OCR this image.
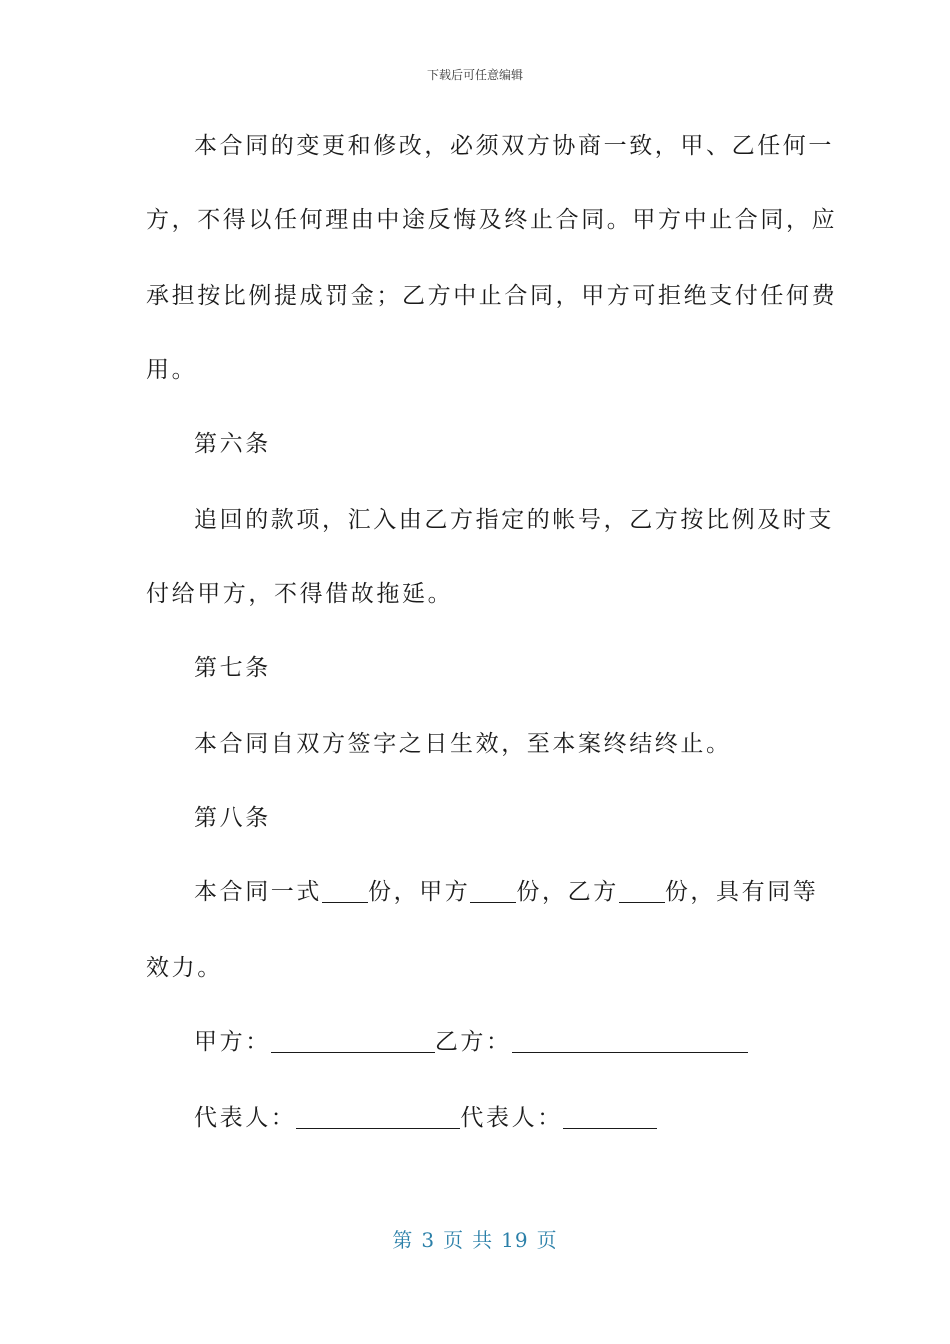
下载后可任意编辑
本合同的变更和修改，必须双方协商一致，甲、乙任何一
方，不得以任何理由中途反悔及终止合同。甲方中止合同，应
承担按比例提成罚金；乙方中止合同，甲方可拒绝支付任何费
用。
第六条
追回的款项，汇入由乙方指定的帐号，乙方按比例及时支
付给甲方，不得借故拖延。
第七条
本合同自双方签字之日生效，至本案终结终止。
第八条
本合同一式 份，甲方 份，乙方 份，具有同等
效力。
甲方：	乙方：
代表人：	代表人：
第 3 页 共 19 页
